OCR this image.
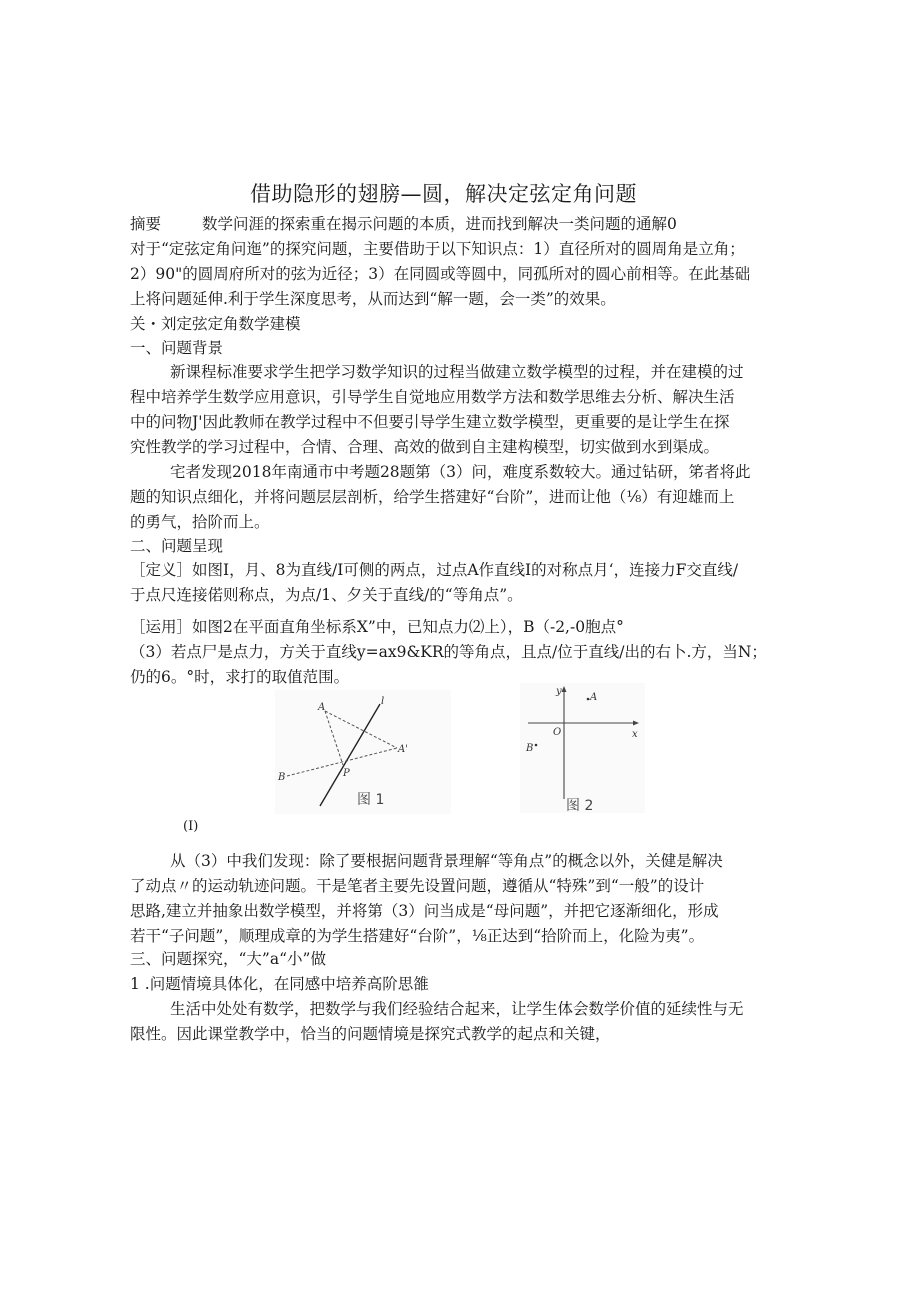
借助隐形的翅膀—圆，解决定弦定角问题
摘要	数学问涯的探索重在揭示问题的本质，进而找到解决一类问题的通解0
对于“定弦定角问迤”的探究问题，主要借助于以下知识点：1）直径所对的圆周角是立角；
2）90"的圆周府所对的弦为近径；3）在同圆或等圆中，同孤所对的圆心前相等。在此基础
上将问题延伸.利于学生深度思考，从而达到“解一题，会一类”的效果。
关・刘定弦定角数学建模
一、问题背景
新课程标准要求学生把学习数学知识的过程当做建立数学模型的过程，并在建模的过
程中培养学生数学应用意识，引导学生自觉地应用数学方法和数学思维去分析、解决生活
中的问物J'因此教师在教学过程中不但要引导学生建立数学模型，更重要的是让学生在探
究性教学的学习过程中，合情、合理、高效的做到自主建构模型，切实做到水到渠成。
宅者发现2018年南通市中考题28题第（3）问，难度系数较大。通过钻研，笫者将此
题的知识点细化，并将问题层层剖析，给学生搭建好“台阶”，进而让他（⅛）有迎雄而上
的勇气，拾阶而上。
二、问题呈现
［定义］如图I，月、8为直线/I可侧的两点，过点A作直线I的对称点月‘，连接力F交直线/
于点尺连接偌则称点，为点/1、夕关于直线/的“等角点”。
［运用］如图2在平面直角坐标系X”中，已知点力⑵上），B（-2,-0胞点°
（3）若点尸是点力，方关于直线y=ax9&KR的等角点，且点/位于直线/出的右卜.方，当N；
仍的6。°时，求打的取值范围。
A
A'
B	P
l
图 1
y
x
O
A
B
图 2
(I)
从（3）中我们发现：除了要根据问题背景理解“等角点”的概念以外，关健是解决
了动点〃的运动轨迹问题。干是笔者主要先设置问题，遵循从“特殊”到“一般”的设计
思路,建立并抽象出数学模型，并将第（3）问当成是“母问题”，并把它逐渐细化，形成
若干“子问题”，顺理成章的为学生搭建好“台阶”，⅛正达到“拾阶而上，化险为夷”。
三、问题探究，“大”a“小”做
1 .问题情境具体化，在同感中培养高阶思雒
生活中处处有数学，把数学与我们经验结合起来，让学生体会数学价值的延续性与无
限性。因此课堂教学中，恰当的问题情境是探究式教学的起点和关键，
